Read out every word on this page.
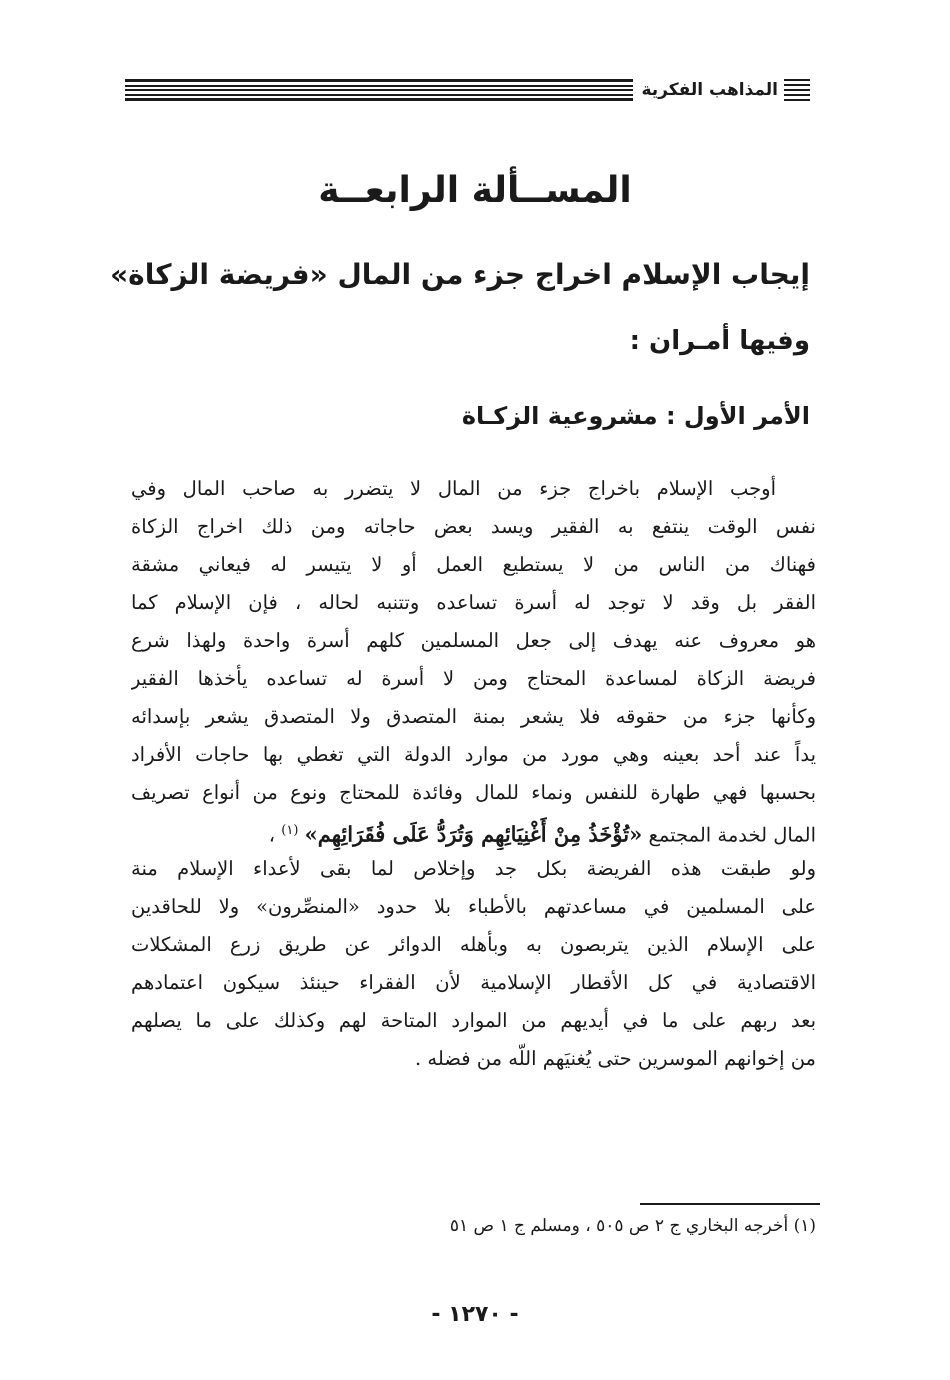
المذاهب الفكرية
المســألة الرابعــة
إيجاب الإسلام اخراج جزء من المال «فريضة الزكاة»
وفيها أمـران :
الأمر الأول : مشروعية الزكـاة
أوجب الإسلام باخراج جزء من المال لا يتضرر به صاحب المال وفي
نفس الوقت ينتفع به الفقير ويسد بعض حاجاته ومن ذلك اخراج الزكاة
فهناك من الناس من لا يستطيع العمل أو لا يتيسر له فيعاني مشقة
الفقر بل وقد لا توجد له أسرة تساعده وتتنبه لحاله ، فإن الإسلام كما
هو معروف عنه يهدف إلى جعل المسلمين كلهم أسرة واحدة ولهذا شرع
فريضة الزكاة لمساعدة المحتاج ومن لا أسرة له تساعده يأخذها الفقير
وكأنها جزء من حقوقه فلا يشعر بمنة المتصدق ولا المتصدق يشعر بإسدائه
يداً عند أحد بعينه وهي مورد من موارد الدولة التي تغطي بها حاجات الأفراد
بحسبها فهي طهارة للنفس ونماء للمال وفائدة للمحتاج ونوع من أنواع تصريف
المال لخدمة المجتمع «تُؤْخَذُ مِنْ أَغْنِيَائِهِم وَتُرَدُّ عَلَى فُقَرَائِهِم» $^{(١)}$ ،
ولو طبقت هذه الفريضة بكل جد وإخلاص لما بقى لأعداء الإسلام منة
على المسلمين في مساعدتهم بالأطباء بلا حدود «المنصِّرون» ولا للحاقدين
على الإسلام الذين يتربصون به وبأهله الدوائر عن طريق زرع المشكلات
الاقتصادية في كل الأقطار الإسلامية لأن الفقراء حينئذ سيكون اعتمادهم
بعد ربهم على ما في أيديهم من الموارد المتاحة لهم وكذلك على ما يصلهم
من إخوانهم الموسرين حتى يُغنيَهم اللّه من فضله .
(١) أخرجه البخاري ج ٢ ص ٥٠٥ ، ومسلم ج ١ ص ٥١
- ١٢٧٠ -
